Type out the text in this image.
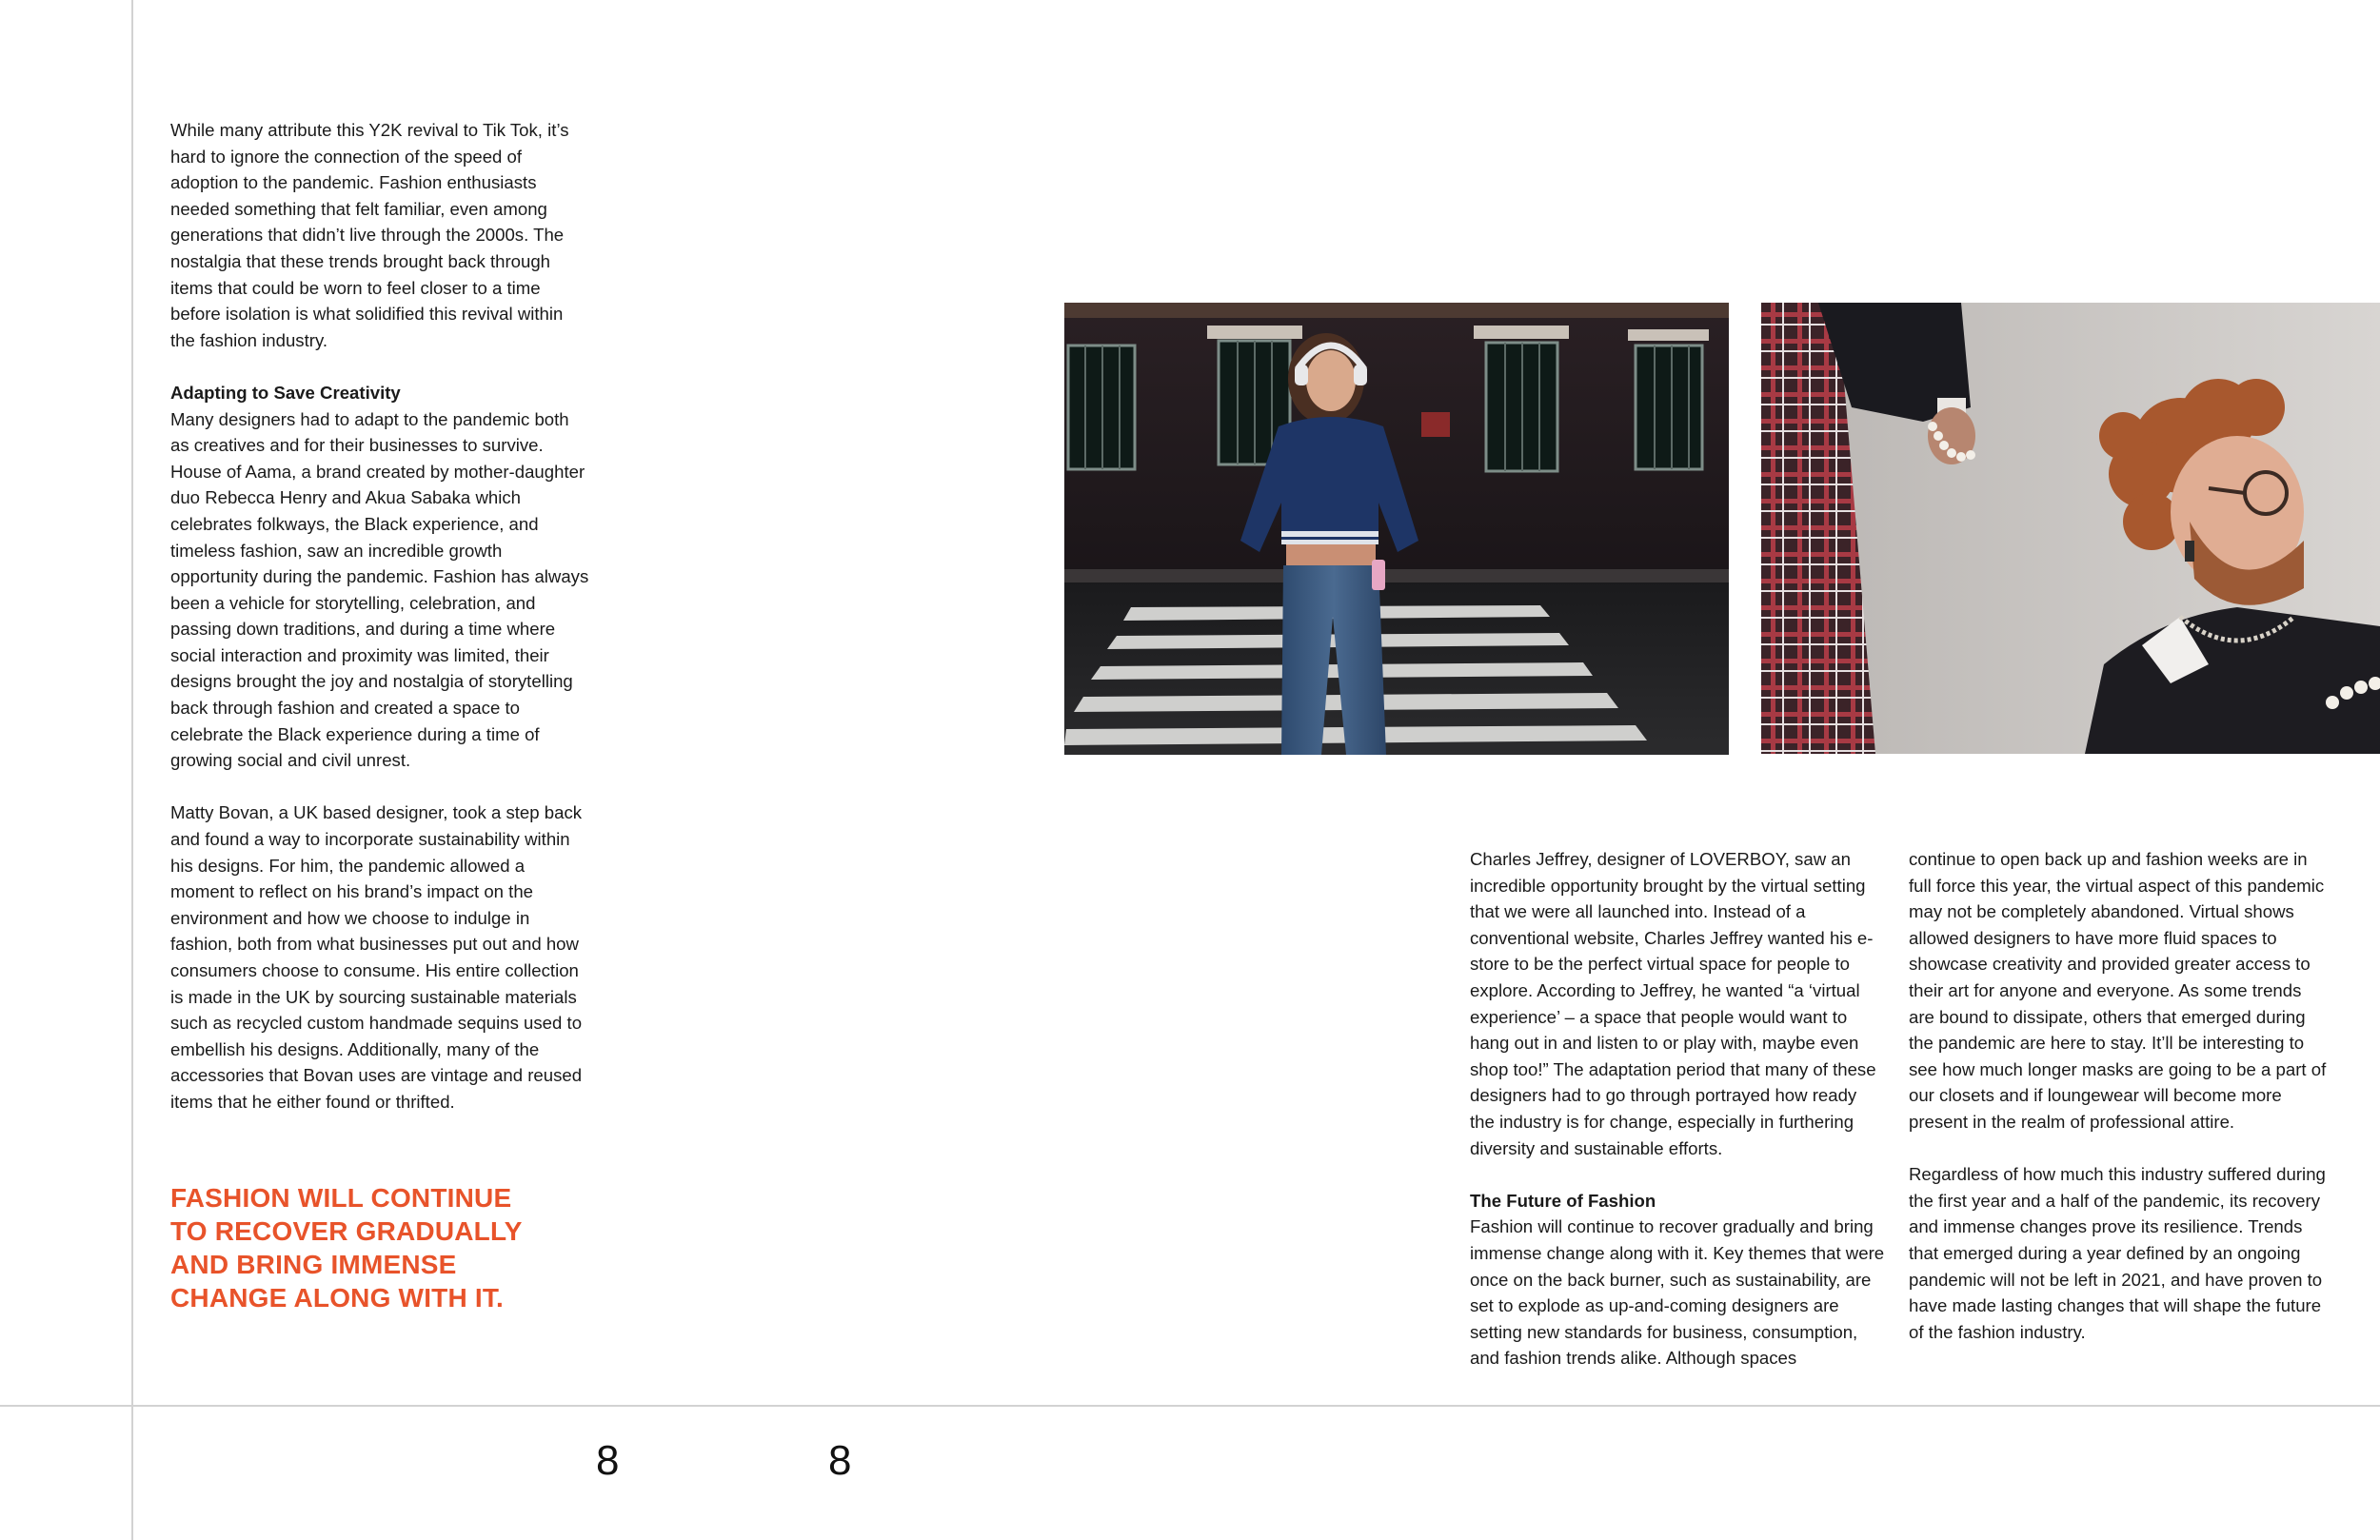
While many attribute this Y2K revival to Tik Tok, it’s hard to ignore the connection of the speed of adoption to the pandemic. Fashion enthusiasts needed something that felt familiar, even among generations that didn’t live through the 2000s. The nostalgia that these trends brought back through items that could be worn to feel closer to a time before isolation is what solidified this revival within the fashion industry.

Adapting to Save Creativity
Many designers had to adapt to the pandemic both as creatives and for their businesses to survive. House of Aama, a brand created by mother-daughter duo Rebecca Henry and Akua Sabaka which celebrates folkways, the Black experience, and timeless fashion, saw an incredible growth opportunity during the pandemic. Fashion has always been a vehicle for storytelling, celebration, and passing down traditions, and during a time where social interaction and proximity was limited, their designs brought the joy and nostalgia of storytelling back through fashion and created a space to celebrate the Black experience during a time of growing social and civil unrest.

Matty Bovan, a UK based designer, took a step back and found a way to incorporate sustainability within his designs. For him, the pandemic allowed a moment to reflect on his brand’s impact on the environment and how we choose to indulge in fashion, both from what businesses put out and how consumers choose to consume. His entire collection is made in the UK by sourcing sustainable materials such as recycled custom handmade sequins used to embellish his designs. Additionally, many of the accessories that Bovan uses are vintage and reused items that he either found or thrifted.

FASHION WILL CONTINUE
TO RECOVER GRADUALLY
AND BRING IMMENSE
CHANGE ALONG WITH IT.

Charles Jeffrey, designer of LOVERBOY, saw an incredible opportunity brought by the virtual setting that we were all launched into. Instead of a conventional website, Charles Jeffrey wanted his e-store to be the perfect virtual space for people to explore. According to Jeffrey, he wanted “a ‘virtual experience’ – a space that people would want to hang out in and listen to or play with, maybe even shop too!” The adaptation period that many of these designers had to go through portrayed how ready the industry is for change, especially in furthering diversity and sustainable efforts.

The Future of Fashion
Fashion will continue to recover gradually and bring immense change along with it. Key themes that were once on the back burner, such as sustainability, are set to explode as up-and-coming designers are setting new standards for business, consumption, and fashion trends alike. Although spaces

continue to open back up and fashion weeks are in full force this year, the virtual aspect of this pandemic may not be completely abandoned. Virtual shows allowed designers to have more fluid spaces to showcase creativity and provided greater access to their art for anyone and everyone. As some trends are bound to dissipate, others that emerged during the pandemic are here to stay. It’ll be interesting to see how much longer masks are going to be a part of our closets and if loungewear will become more present in the realm of professional attire.

Regardless of how much this industry suffered during the first year and a half of the pandemic, its recovery and immense changes prove its resilience. Trends that emerged during a year defined by an ongoing pandemic will not be left in 2021, and have proven to have made lasting changes that will shape the future of the fashion industry.

8	8
